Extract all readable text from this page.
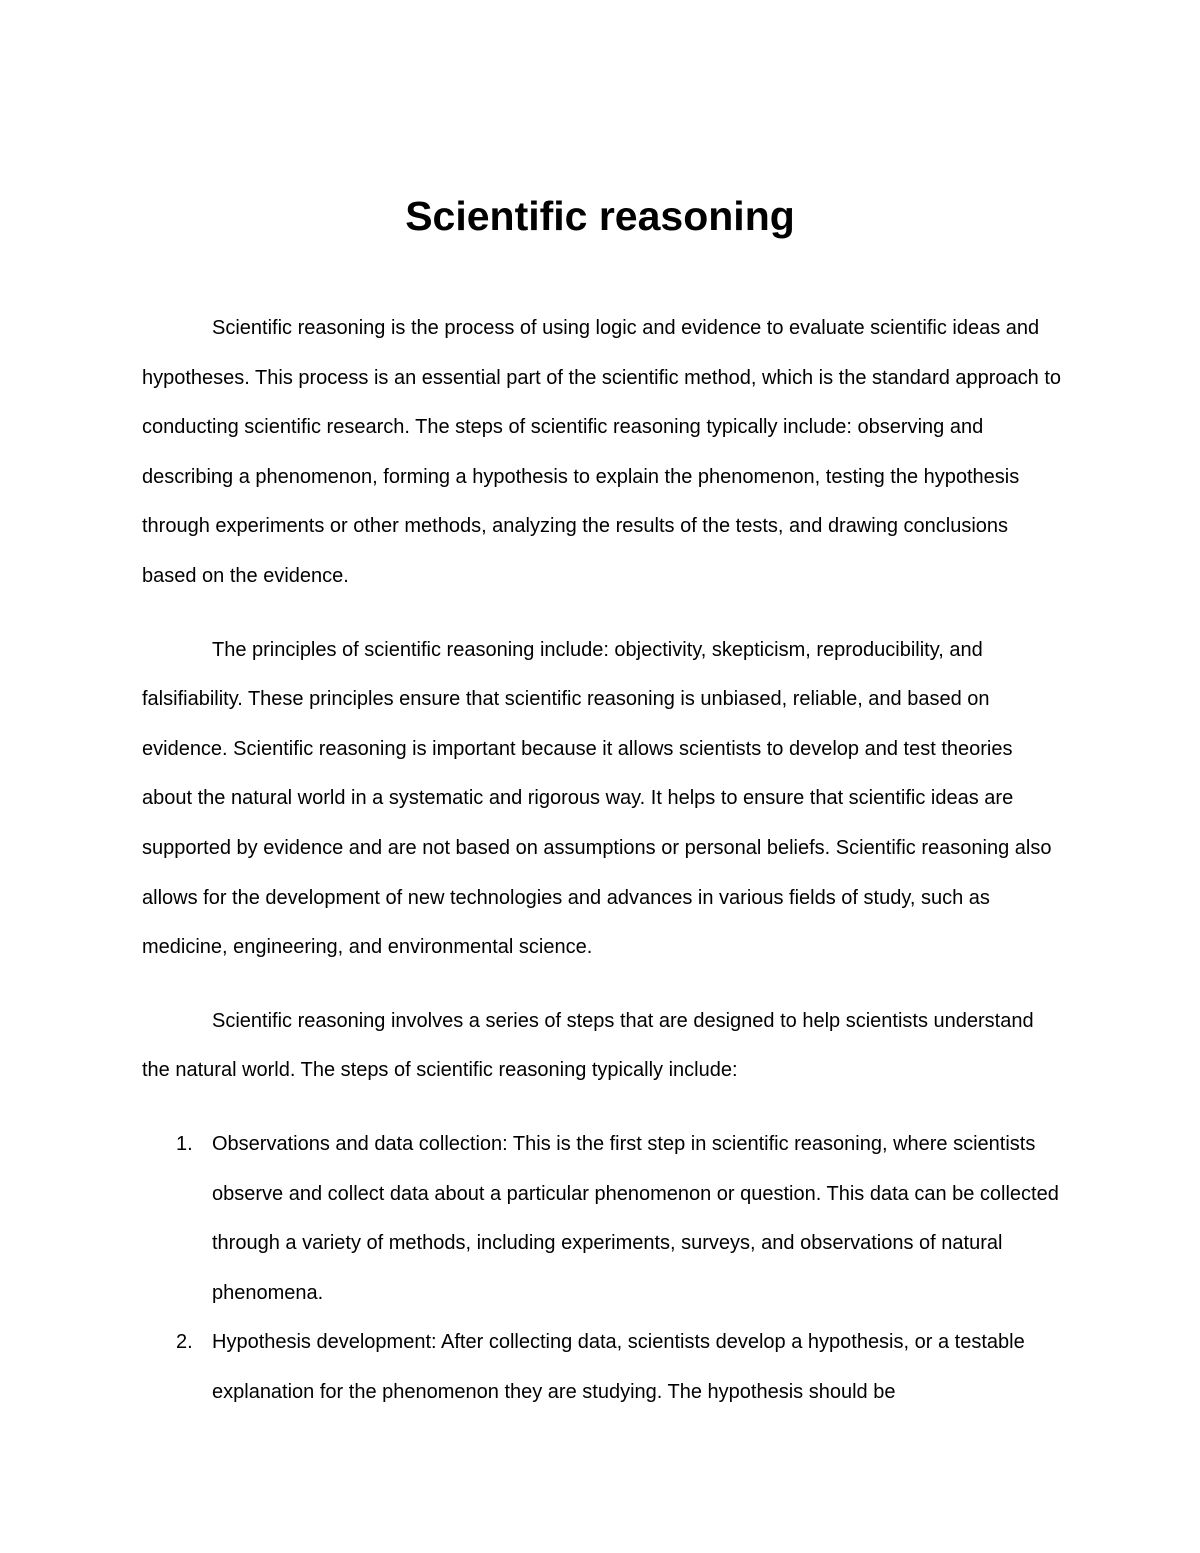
Scientific reasoning

Scientific reasoning is the process of using logic and evidence to evaluate scientific ideas and hypotheses. This process is an essential part of the scientific method, which is the standard approach to conducting scientific research. The steps of scientific reasoning typically include: observing and describing a phenomenon, forming a hypothesis to explain the phenomenon, testing the hypothesis through experiments or other methods, analyzing the results of the tests, and drawing conclusions based on the evidence.

The principles of scientific reasoning include: objectivity, skepticism, reproducibility, and falsifiability. These principles ensure that scientific reasoning is unbiased, reliable, and based on evidence. Scientific reasoning is important because it allows scientists to develop and test theories about the natural world in a systematic and rigorous way. It helps to ensure that scientific ideas are supported by evidence and are not based on assumptions or personal beliefs. Scientific reasoning also allows for the development of new technologies and advances in various fields of study, such as medicine, engineering, and environmental science.

Scientific reasoning involves a series of steps that are designed to help scientists understand the natural world. The steps of scientific reasoning typically include:

1. Observations and data collection: This is the first step in scientific reasoning, where scientists observe and collect data about a particular phenomenon or question. This data can be collected through a variety of methods, including experiments, surveys, and observations of natural phenomena.
2. Hypothesis development: After collecting data, scientists develop a hypothesis, or a testable explanation for the phenomenon they are studying. The hypothesis should be
